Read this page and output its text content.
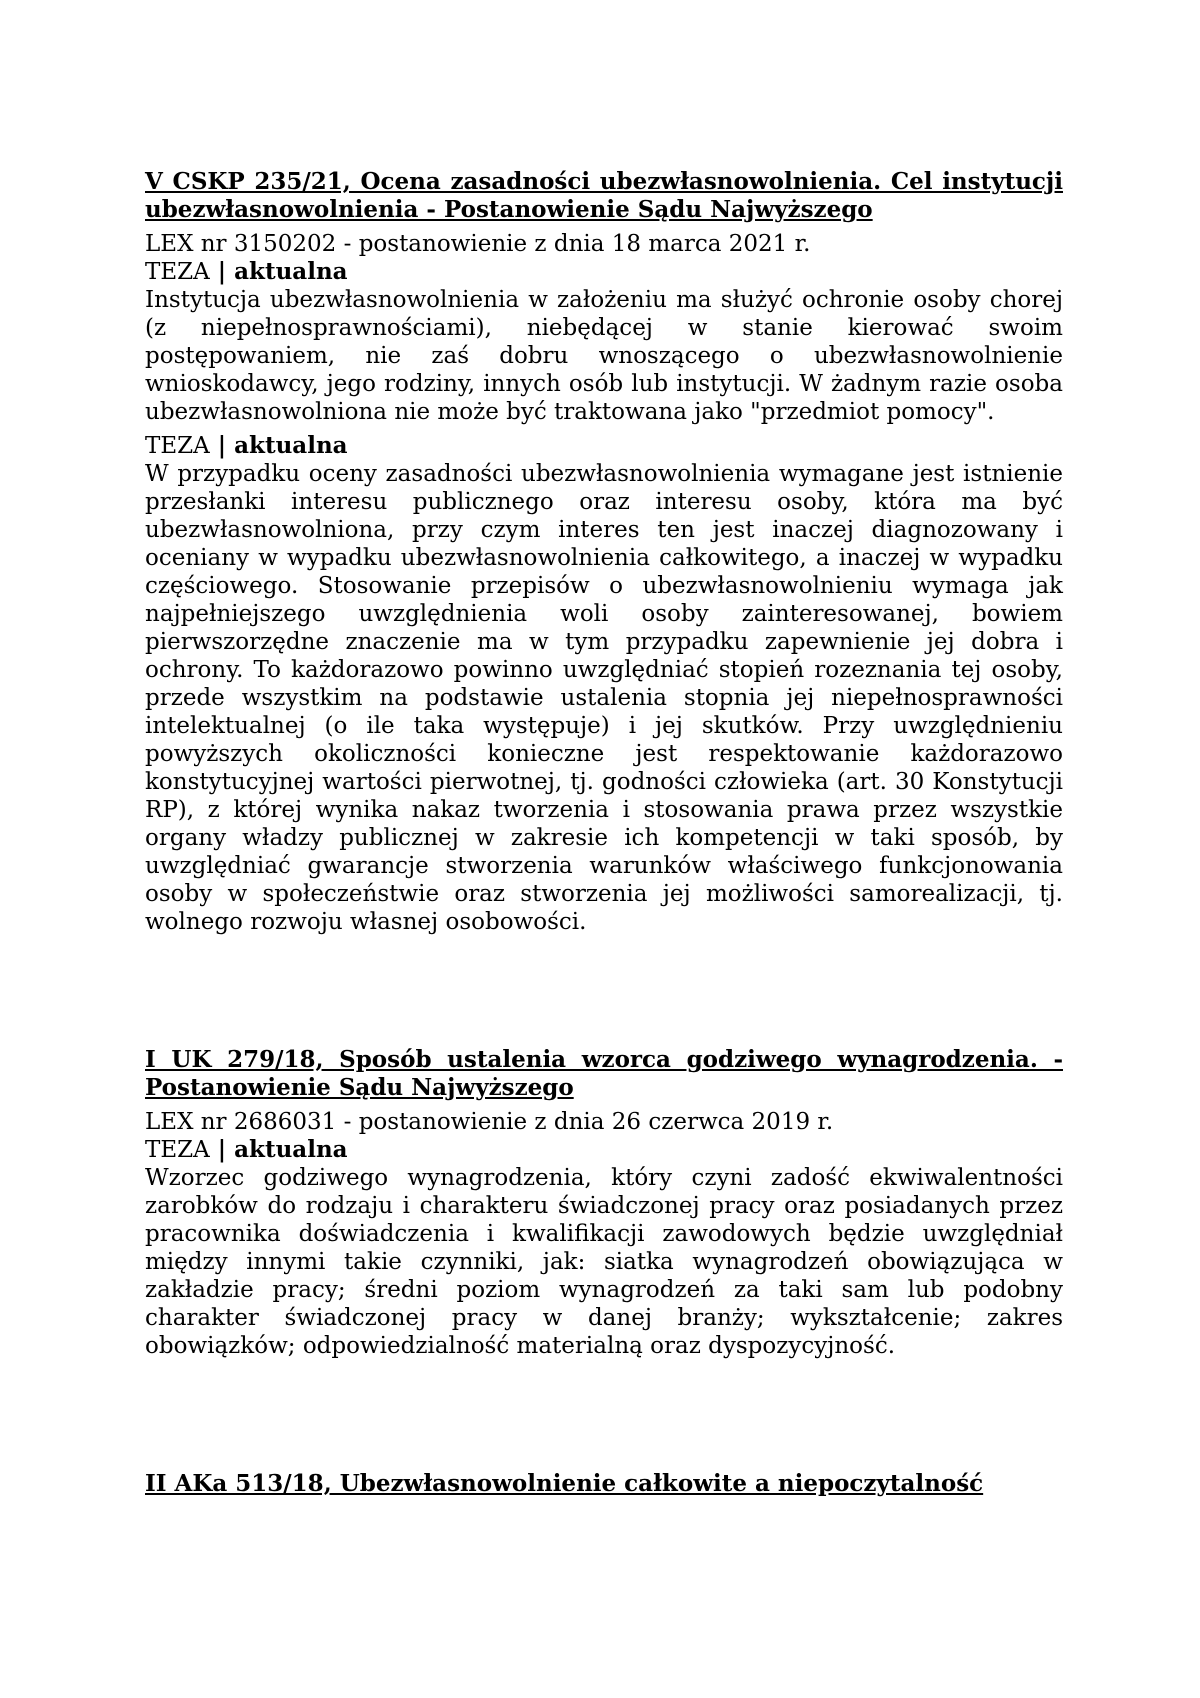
V CSKP 235/21, Ocena zasadności ubezwłasnowolnienia. Cel instytucji ubezwłasnowolnienia - Postanowienie Sądu Najwyższego
LEX nr 3150202 - postanowienie z dnia 18 marca 2021 r.
TEZA | aktualna

Instytucja ubezwłasnowolnienia w założeniu ma służyć ochronie osoby chorej (z niepełnosprawnościami), niebędącej w stanie kierować swoim postępowaniem, nie zaś dobru wnoszącego o ubezwłasnowolnienie wnioskodawcy, jego rodziny, innych osób lub instytucji. W żadnym razie osoba ubezwłasnowolniona nie może być traktowana jako "przedmiot pomocy".

TEZA | aktualna

W przypadku oceny zasadności ubezwłasnowolnienia wymagane jest istnienie przesłanki interesu publicznego oraz interesu osoby, która ma być ubezwłasnowolniona, przy czym interes ten jest inaczej diagnozowany i oceniany w wypadku ubezwłasnowolnienia całkowitego, a inaczej w wypadku częściowego. Stosowanie przepisów o ubezwłasnowolnieniu wymaga jak najpełniejszego uwzględnienia woli osoby zainteresowanej, bowiem pierwszorzędne znaczenie ma w tym przypadku zapewnienie jej dobra i ochrony. To każdorazowo powinno uwzględniać stopień rozeznania tej osoby, przede wszystkim na podstawie ustalenia stopnia jej niepełnosprawności intelektualnej (o ile taka występuje) i jej skutków. Przy uwzględnieniu powyższych okoliczności konieczne jest respektowanie każdorazowo konstytucyjnej wartości pierwotnej, tj. godności człowieka (art. 30 Konstytucji RP), z której wynika nakaz tworzenia i stosowania prawa przez wszystkie organy władzy publicznej w zakresie ich kompetencji w taki sposób, by uwzględniać gwarancje stworzenia warunków właściwego funkcjonowania osoby w społeczeństwie oraz stworzenia jej możliwości samorealizacji, tj. wolnego rozwoju własnej osobowości.

I UK 279/18, Sposób ustalenia wzorca godziwego wynagrodzenia. - Postanowienie Sądu Najwyższego
LEX nr 2686031 - postanowienie z dnia 26 czerwca 2019 r.
TEZA | aktualna

Wzorzec godziwego wynagrodzenia, który czyni zadość ekwiwalentności zarobków do rodzaju i charakteru świadczonej pracy oraz posiadanych przez pracownika doświadczenia i kwalifikacji zawodowych będzie uwzględniał między innymi takie czynniki, jak: siatka wynagrodzeń obowiązująca w zakładzie pracy; średni poziom wynagrodzeń za taki sam lub podobny charakter świadczonej pracy w danej branży; wykształcenie; zakres obowiązków; odpowiedzialność materialną oraz dyspozycyjność.

II AKa 513/18, Ubezwłasnowolnienie całkowite a niepoczytalność
